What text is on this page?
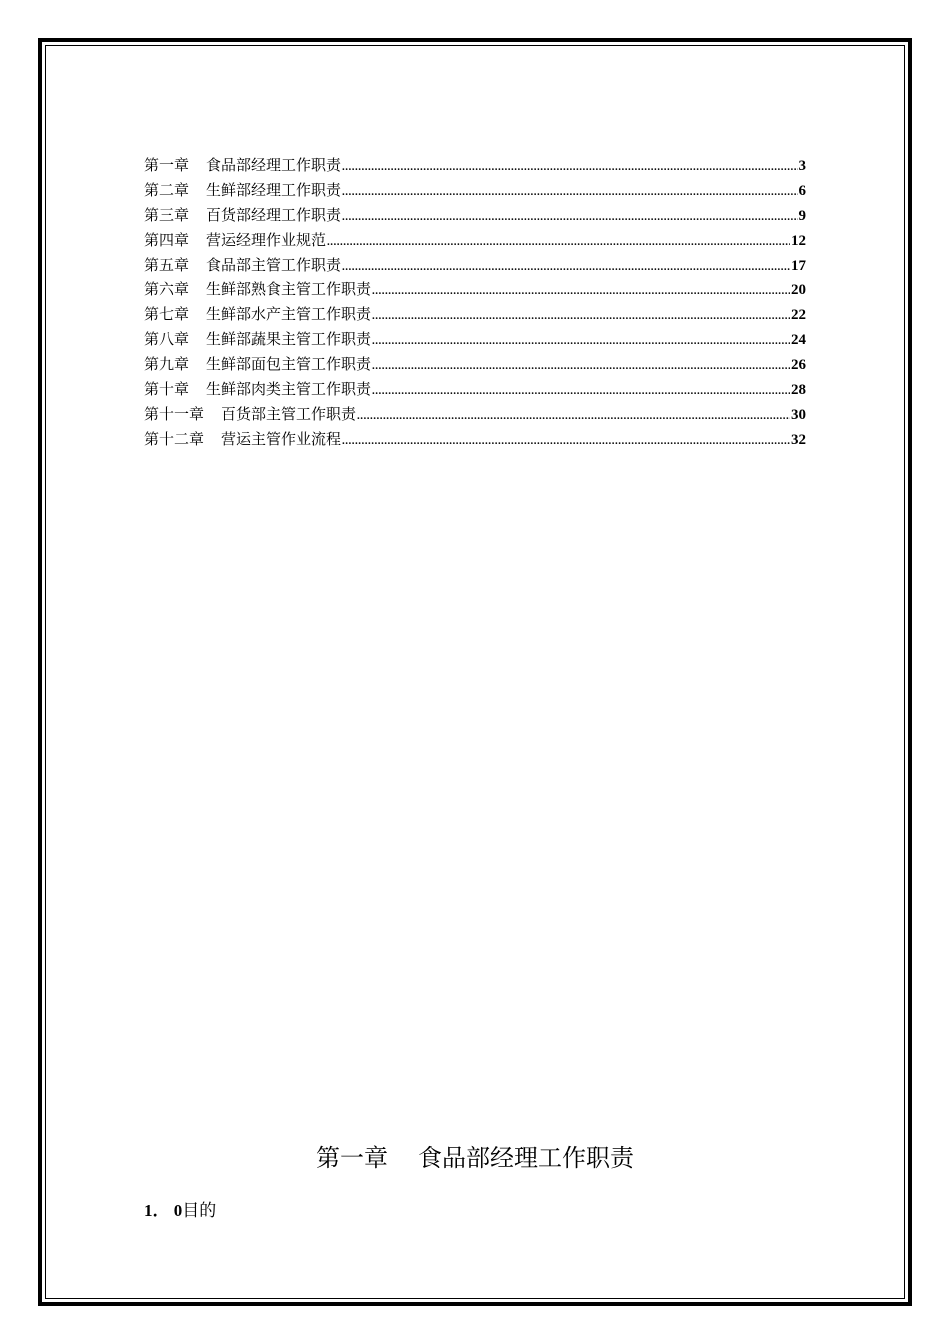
第一章 食品部经理工作职责 .....	3
第二章 生鲜部经理工作职责 .....	6
第三章 百货部经理工作职责 .....	9
第四章 营运经理作业规范 .....	12
第五章 食品部主管工作职责 .....	17
第六章 生鲜部熟食主管工作职责 .....	20
第七章 生鲜部水产主管工作职责 .....	22
第八章 生鲜部蔬果主管工作职责 .....	24
第九章 生鲜部面包主管工作职责 .....	26
第十章 生鲜部肉类主管工作职责 .....	28
第十一章 百货部主管工作职责 .....	30
第十二章 营运主管作业流程 .....	32
第一章 食品部经理工作职责
1． 0目的
